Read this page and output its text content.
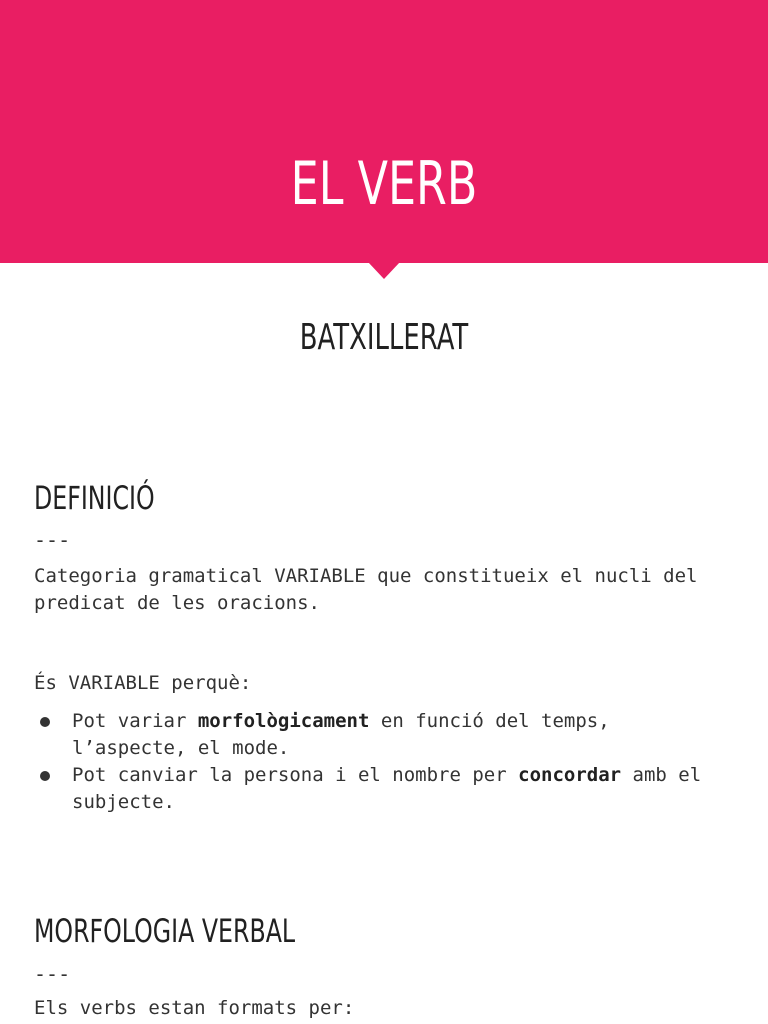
EL VERB
BATXILLERAT
DEFINICIÓ
---

Categoria gramatical VARIABLE que constitueix el nucli del predicat de les oracions.

És VARIABLE perquè:

Pot variar morfològicament en funció del temps, l’aspecte, el mode.
Pot canviar la persona i el nombre per concordar amb el subjecte.
MORFOLOGIA VERBAL
---

Els verbs estan formats per:
